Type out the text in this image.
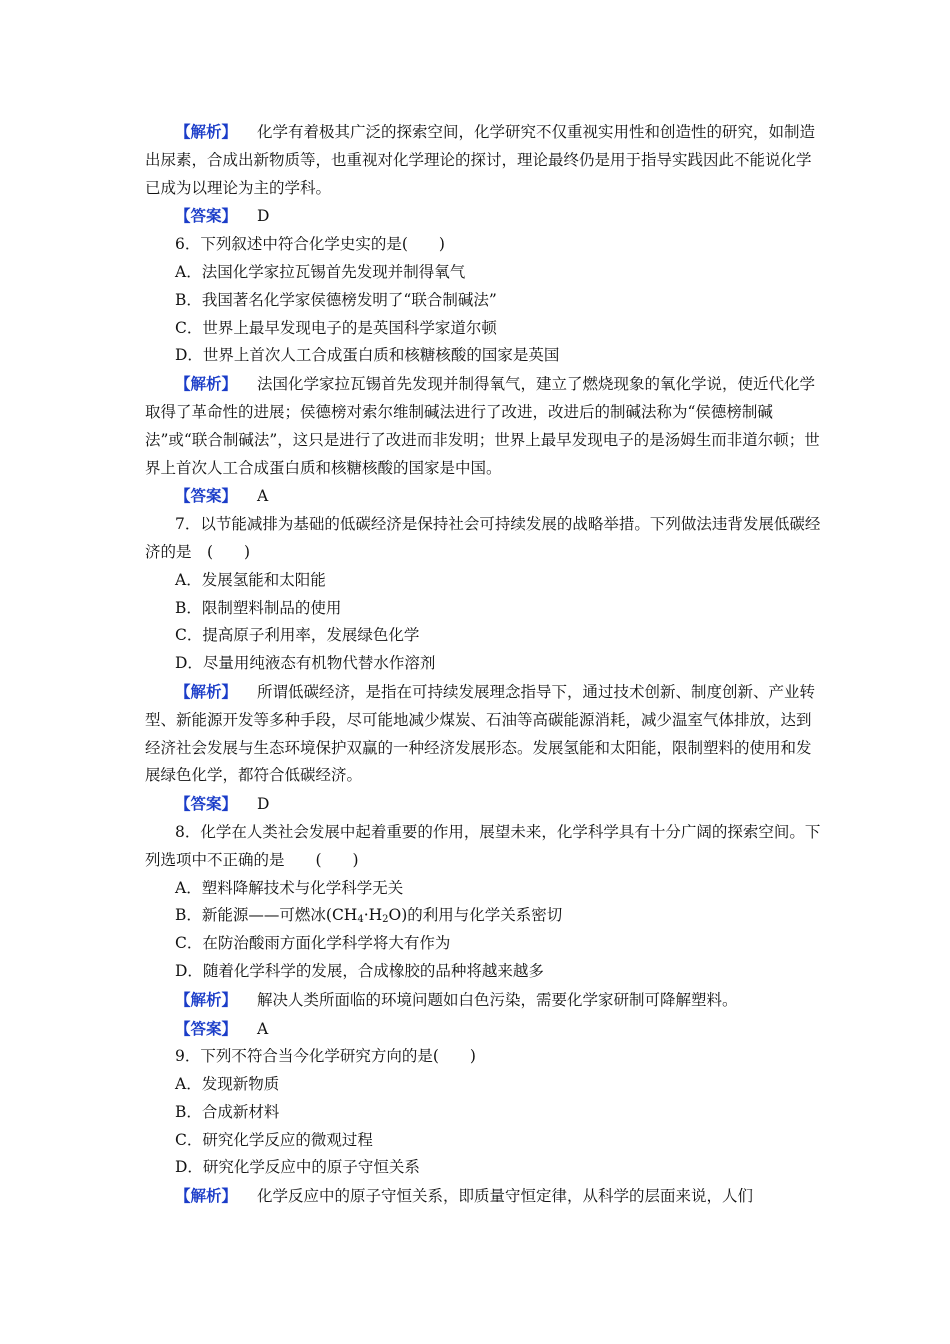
【解析】 化学有着极其广泛的探索空间，化学研究不仅重视实用性和创造性的研究，如制造出尿素，合成出新物质等，也重视对化学理论的探讨，理论最终仍是用于指导实践因此不能说化学已成为以理论为主的学科。

【答案】 D

6．下列叙述中符合化学史实的是(　　)

A．法国化学家拉瓦锡首先发现并制得氧气

B．我国著名化学家侯德榜发明了“联合制碱法”

C．世界上最早发现电子的是英国科学家道尔顿

D．世界上首次人工合成蛋白质和核糖核酸的国家是英国

【解析】 法国化学家拉瓦锡首先发现并制得氧气，建立了燃烧现象的氧化学说，使近代化学取得了革命性的进展；侯德榜对索尔维制碱法进行了改进，改进后的制碱法称为“侯德榜制碱法”或“联合制碱法”，这只是进行了改进而非发明；世界上最早发现电子的是汤姆生而非道尔顿；世界上首次人工合成蛋白质和核糖核酸的国家是中国。

【答案】 A

7．以节能减排为基础的低碳经济是保持社会可持续发展的战略举措。下列做法违背发展低碳经济的是　(　　)

A．发展氢能和太阳能

B．限制塑料制品的使用

C．提高原子利用率，发展绿色化学

D．尽量用纯液态有机物代替水作溶剂

【解析】 所谓低碳经济，是指在可持续发展理念指导下，通过技术创新、制度创新、产业转型、新能源开发等多种手段，尽可能地减少煤炭、石油等高碳能源消耗，减少温室气体排放，达到经济社会发展与生态环境保护双赢的一种经济发展形态。发展氢能和太阳能，限制塑料的使用和发展绿色化学，都符合低碳经济。

【答案】 D

8．化学在人类社会发展中起着重要的作用，展望未来，化学科学具有十分广阔的探索空间。下列选项中不正确的是　　(　　)

A．塑料降解技术与化学科学无关

B．新能源——可燃冰$(CH_4\cdot H_2O)$的利用与化学关系密切

C．在防治酸雨方面化学科学将大有作为

D．随着化学科学的发展，合成橡胶的品种将越来越多

【解析】 解决人类所面临的环境问题如白色污染，需要化学家研制可降解塑料。

【答案】 A

9．下列不符合当今化学研究方向的是(　　)

A．发现新物质

B．合成新材料

C．研究化学反应的微观过程

D．研究化学反应中的原子守恒关系

【解析】 化学反应中的原子守恒关系，即质量守恒定律，从科学的层面来说，人们
